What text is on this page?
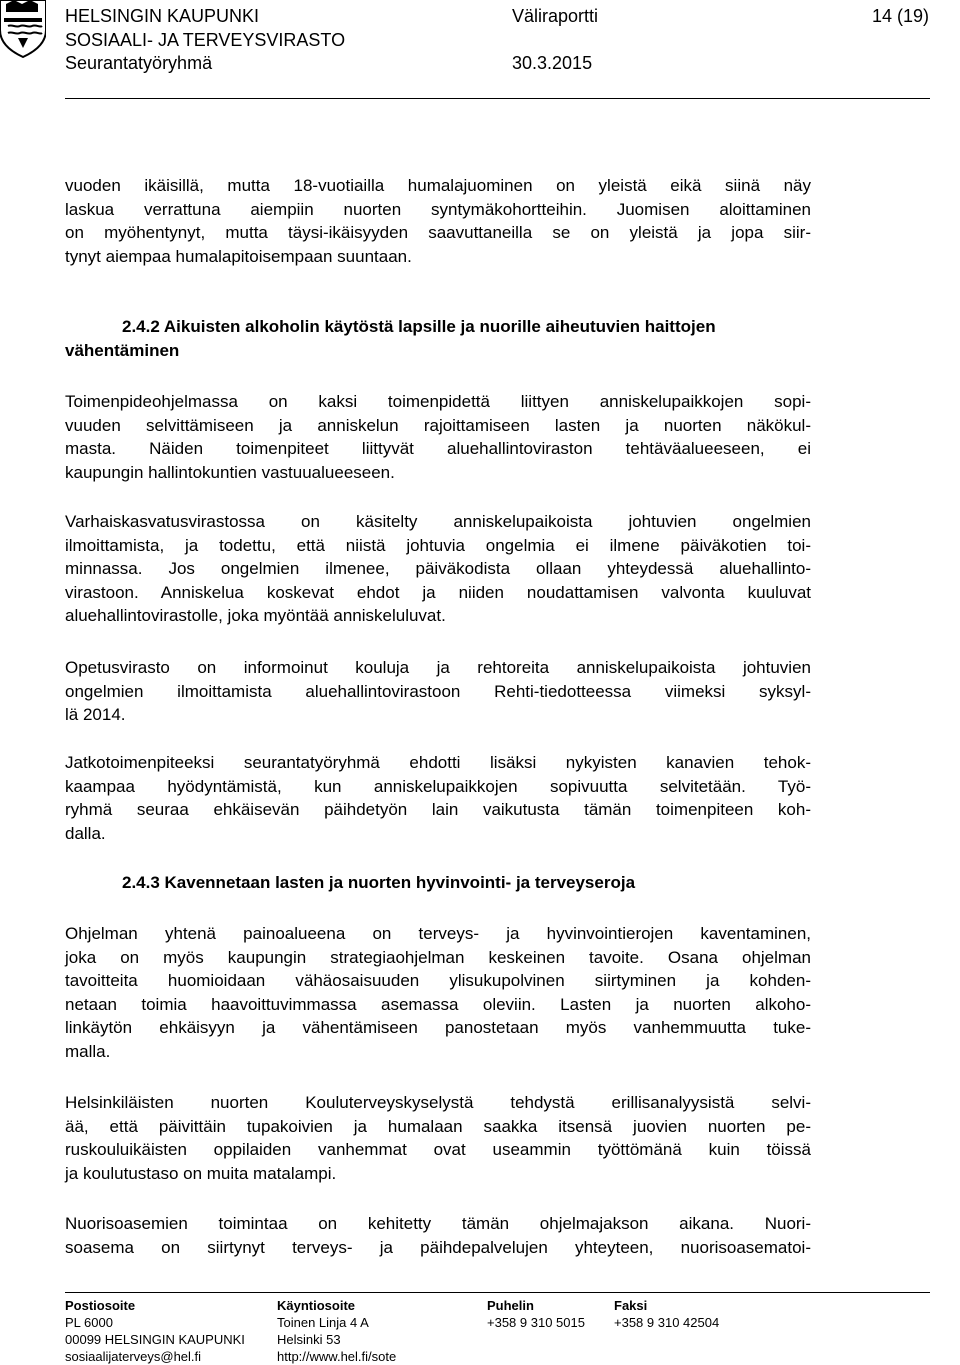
HELSINGIN KAUPUNKI
SOSIAALI- JA TERVEYSVIRASTO
Seurantatyöryhmä
Väliraportti
30.3.2015
14 (19)
vuoden ikäisillä, mutta 18-vuotiailla humalajuominen on yleistä eikä siinä näy
laskua verrattuna aiempiin nuorten syntymäkohortteihin. Juomisen aloittaminen
on myöhentynyt, mutta täysi-ikäisyyden saavuttaneilla se on yleistä ja jopa siir-
tynyt aiempaa humalapitoisempaan suuntaan.
2.4.2 Aikuisten alkoholin käytöstä lapsille ja nuorille aiheutuvien haittojen
vähentäminen
Toimenpideohjelmassa on kaksi toimenpidettä liittyen anniskelupaikkojen sopi-
vuuden selvittämiseen ja anniskelun rajoittamiseen lasten ja nuorten näkökul-
masta. Näiden toimenpiteet liittyvät aluehallintoviraston tehtäväalueeseen, ei
kaupungin hallintokuntien vastuualueeseen.
Varhaiskasvatusvirastossa on käsitelty anniskelupaikoista johtuvien ongelmien
ilmoittamista, ja todettu, että niistä johtuvia ongelmia ei ilmene päiväkotien toi-
minnassa. Jos ongelmien ilmenee, päiväkodista ollaan yhteydessä aluehallinto-
virastoon. Anniskelua koskevat ehdot ja niiden noudattamisen valvonta kuuluvat
aluehallintovirastolle, joka myöntää anniskeluluvat.
Opetusvirasto on informoinut kouluja ja rehtoreita anniskelupaikoista johtuvien
ongelmien ilmoittamista aluehallintovirastoon Rehti-tiedotteessa viimeksi syksyl-
lä 2014.
Jatkotoimenpiteeksi seurantatyöryhmä ehdotti lisäksi nykyisten kanavien tehok-
kaampaa hyödyntämistä, kun anniskelupaikkojen sopivuutta selvitetään. Työ-
ryhmä seuraa ehkäisevän päihdetyön lain vaikutusta tämän toimenpiteen koh-
dalla.
2.4.3 Kavennetaan lasten ja nuorten hyvinvointi- ja terveyseroja
Ohjelman yhtenä painoalueena on terveys- ja hyvinvointierojen kaventaminen,
joka on myös kaupungin strategiaohjelman keskeinen tavoite. Osana ohjelman
tavoitteita huomioidaan vähäosaisuuden ylisukupolvinen siirtyminen ja kohden-
netaan toimia haavoittuvimmassa asemassa oleviin. Lasten ja nuorten alkoho-
linkäytön ehkäisyyn ja vähentämiseen panostetaan myös vanhemmuutta tuke-
malla.
Helsinkiläisten nuorten Kouluterveyskyselystä tehdystä erillisanalyysistä selvi-
ää, että päivittäin tupakoivien ja humalaan saakka itsensä juovien nuorten pe-
ruskouluikäisten oppilaiden vanhemmat ovat useammin työttömänä kuin töissä
ja koulutustaso on muita matalampi.
Nuorisoasemien toimintaa on kehitetty tämän ohjelmajakson aikana. Nuori-
soasema on siirtynyt terveys- ja päihdepalvelujen yhteyteen, nuorisoasematoi-
Postiosoite
PL 6000
00099 HELSINGIN KAUPUNKI
sosiaalijaterveys@hel.fi
Käyntiosoite
Toinen Linja 4 A
Helsinki 53
http://www.hel.fi/sote
Puhelin
+358 9 310 5015
Faksi
+358 9 310 42504
